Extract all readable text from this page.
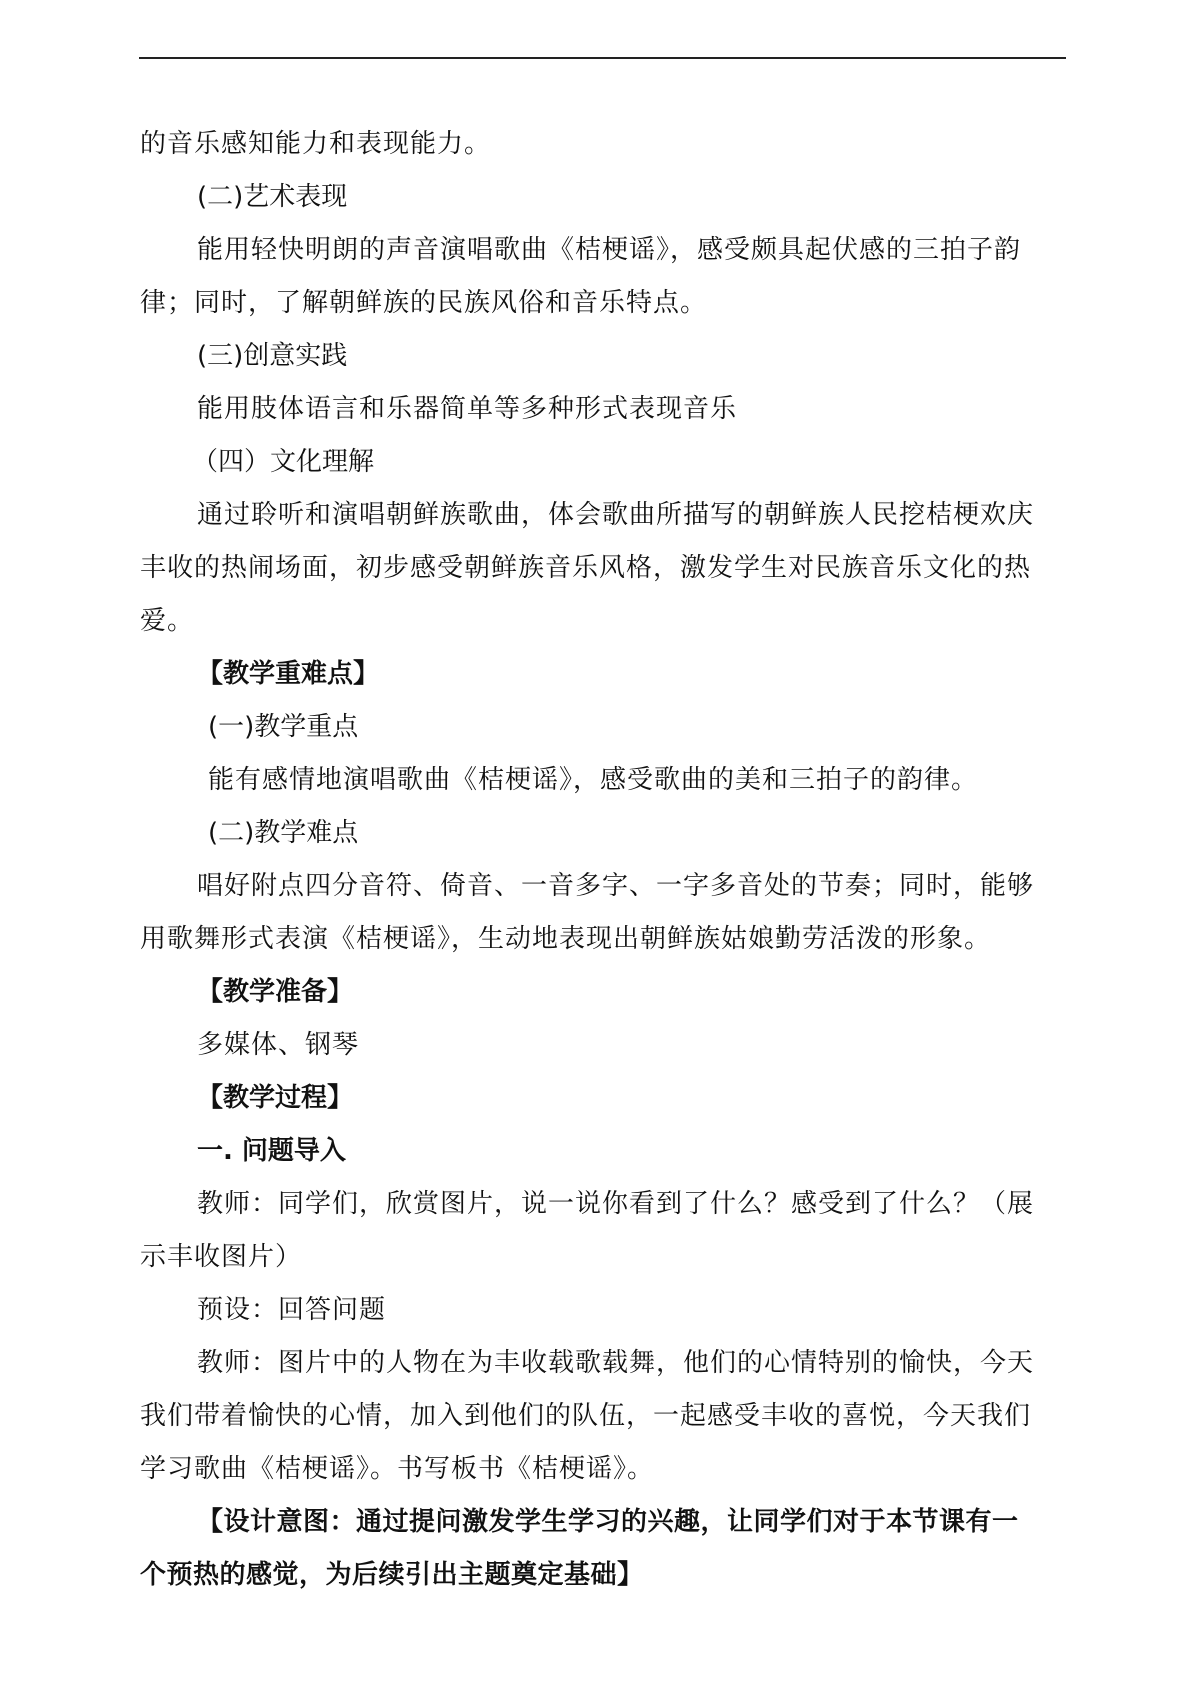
的音乐感知能力和表现能力。
(二)艺术表现
能用轻快明朗的声音演唱歌曲《桔梗谣》，感受颇具起伏感的三拍子韵
律；同时，了解朝鲜族的民族风俗和音乐特点。
(三)创意实践
能用肢体语言和乐器简单等多种形式表现音乐
（四）文化理解
通过聆听和演唱朝鲜族歌曲，体会歌曲所描写的朝鲜族人民挖桔梗欢庆
丰收的热闹场面，初步感受朝鲜族音乐风格，激发学生对民族音乐文化的热
爱。
【教学重难点】
(一)教学重点
能有感情地演唱歌曲《桔梗谣》，感受歌曲的美和三拍子的韵律。
(二)教学难点
唱好附点四分音符、倚音、一音多字、一字多音处的节奏；同时，能够
用歌舞形式表演《桔梗谣》，生动地表现出朝鲜族姑娘勤劳活泼的形象。
【教学准备】
多媒体、钢琴
【教学过程】
一. 问题导入
教师：同学们，欣赏图片，说一说你看到了什么？感受到了什么？（展
示丰收图片）
预设：回答问题
教师：图片中的人物在为丰收载歌载舞，他们的心情特别的愉快，今天
我们带着愉快的心情，加入到他们的队伍，一起感受丰收的喜悦，今天我们
学习歌曲《桔梗谣》。书写板书《桔梗谣》。
【设计意图：通过提问激发学生学习的兴趣，让同学们对于本节课有一
个预热的感觉，为后续引出主题奠定基础】
